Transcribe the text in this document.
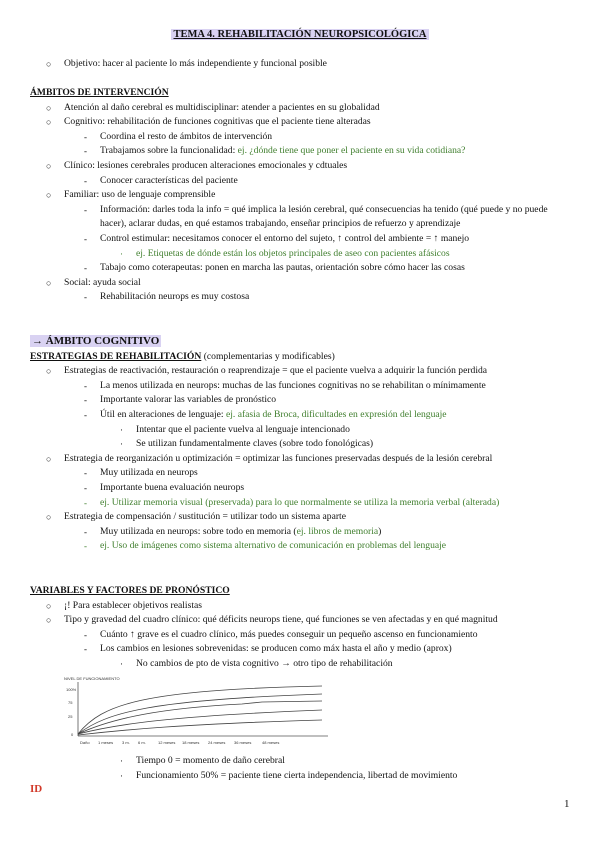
TEMA 4. REHABILITACIÓN NEUROPSICOLÓGICA
○ Objetivo: hacer al paciente lo más independiente y funcional posible
ÁMBITOS DE INTERVENCIÓN
○ Atención al daño cerebral es multidisciplinar: atender a pacientes en su globalidad
○ Cognitivo: rehabilitación de funciones cognitivas que el paciente tiene alteradas
- Coordina el resto de ámbitos de intervención
- Trabajamos sobre la funcionalidad: ej. ¿dónde tiene que poner el paciente en su vida cotidiana?
○ Clínico: lesiones cerebrales producen alteraciones emocionales y cdtuales
- Conocer características del paciente
○ Familiar: uso de lenguaje comprensible
- Información: darles toda la info = qué implica la lesión cerebral, qué consecuencias ha tenido (qué puede y no puede hacer), aclarar dudas, en qué estamos trabajando, enseñar principios de refuerzo y aprendizaje
- Control estimular: necesitamos conocer el entorno del sujeto, ↑ control del ambiente = ↑ manejo
· ej. Etiquetas de dónde están los objetos principales de aseo con pacientes afásicos
- Tabajo como coterapeutas: ponen en marcha las pautas, orientación sobre cómo hacer las cosas
○ Social: ayuda social
- Rehabilitación neurops es muy costosa
→ ÁMBITO COGNITIVO
ESTRATEGIAS DE REHABILITACIÓN (complementarias y modificables)
○ Estrategias de reactivación, restauración o reaprendizaje = que el paciente vuelva a adquirir la función perdida
- La menos utilizada en neurops: muchas de las funciones cognitivas no se rehabilitan o mínimamente
- Importante valorar las variables de pronóstico
- Útil en alteraciones de lenguaje: ej. afasia de Broca, dificultades en expresión del lenguaje
· Intentar que el paciente vuelva al lenguaje intencionado
· Se utilizan fundamentalmente claves (sobre todo fonológicas)
○ Estrategia de reorganización u optimización = optimizar las funciones preservadas después de la lesión cerebral
- Muy utilizada en neurops
- Importante buena evaluación neurops
- ej. Utilizar memoria visual (preservada) para lo que normalmente se utiliza la memoria verbal (alterada)
○ Estrategia de compensación / sustitución = utilizar todo un sistema aparte
- Muy utilizada en neurops: sobre todo en memoria (ej. libros de memoria)
- ej. Uso de imágenes como sistema alternativo de comunicación en problemas del lenguaje
VARIABLES Y FACTORES DE PRONÓSTICO
○ ¡! Para establecer objetivos realistas
○ Tipo y gravedad del cuadro clínico: qué déficits neurops tiene, qué funciones se ven afectadas y en qué magnitud
- Cuánto ↑ grave es el cuadro clínico, más puedes conseguir un pequeño ascenso en funcionamiento
- Los cambios en lesiones sobrevenidas: se producen como máx hasta el año y medio (aprox)
· No cambios de pto de vista cognitivo → otro tipo de rehabilitación
NIVEL DE FUNCIONAMIENTO
100%
75
25
0
Daño 1 meses 3 m. 6 m.	12 meses 18 meses 24 meses 36 meses	48 meses
· Tiempo 0 = momento de daño cerebral
· Funcionamiento 50% = paciente tiene cierta independencia, libertad de movimiento
ID
1
